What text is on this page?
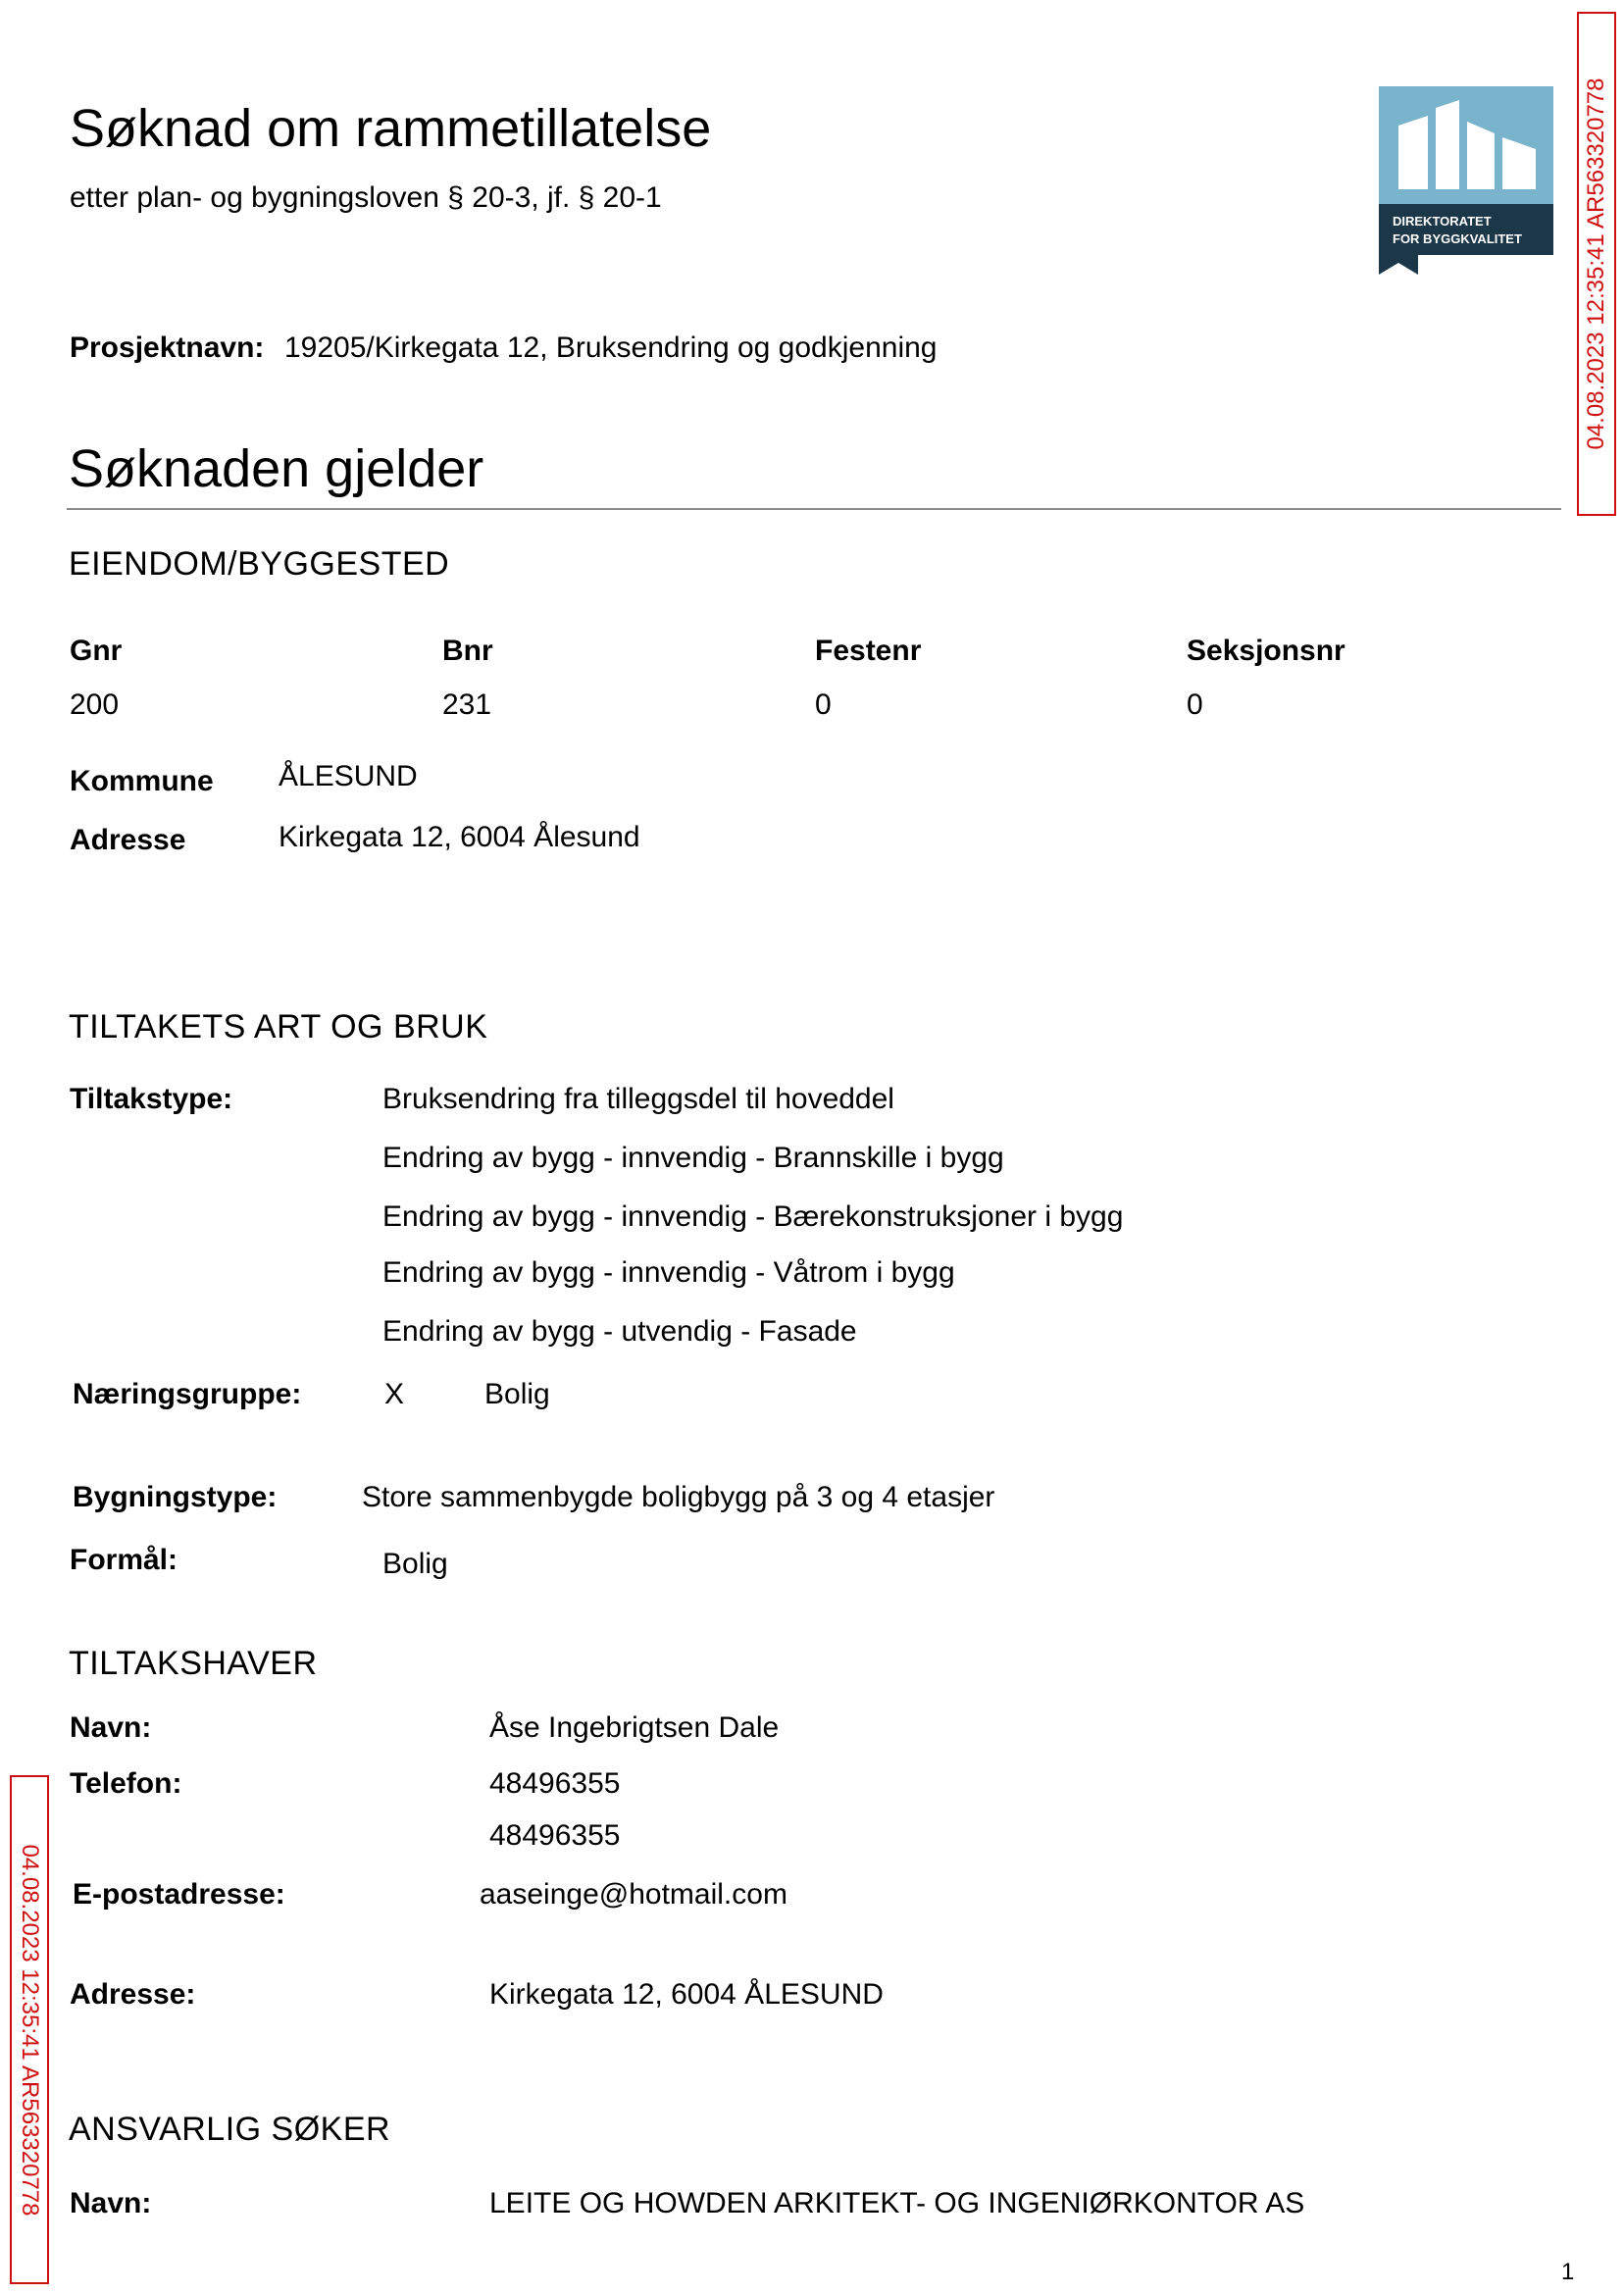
Søknad om rammetillatelse
etter plan- og bygningsloven § 20-3, jf. § 20-1
DIREKTORATET
FOR BYGGKVALITET
Prosjektnavn: 19205/Kirkegata 12, Bruksendring og godkjenning
Søknaden gjelder
EIENDOM/BYGGESTED
Gnr	Bnr	Festenr	Seksjonsnr
200	231	0	0
Kommune ÅLESUND
Adresse	Kirkegata 12, 6004 Ålesund
TILTAKETS ART OG BRUK
Tiltakstype:	Bruksendring fra tilleggsdel til hoveddel
Endring av bygg - innvendig - Brannskille i bygg
Endring av bygg - innvendig - Bærekonstruksjoner i bygg
Endring av bygg - innvendig - Våtrom i bygg
Endring av bygg - utvendig - Fasade
Næringsgruppe:	X	Bolig
Bygningstype:	Store sammenbygde boligbygg på 3 og 4 etasjer
Formål:	Bolig
TILTAKSHAVER
Navn:	Åse Ingebrigtsen Dale
Telefon:	48496355
48496355
E-postadresse:	aaseinge@hotmail.com
Adresse:	Kirkegata 12, 6004 ÅLESUND
ANSVARLIG SØKER
Navn:	LEITE OG HOWDEN ARKITEKT- OG INGENIØRKONTOR AS
04.08.2023 12:35:41 AR563320778
04.08.2023 12:35:41 AR563320778
1
